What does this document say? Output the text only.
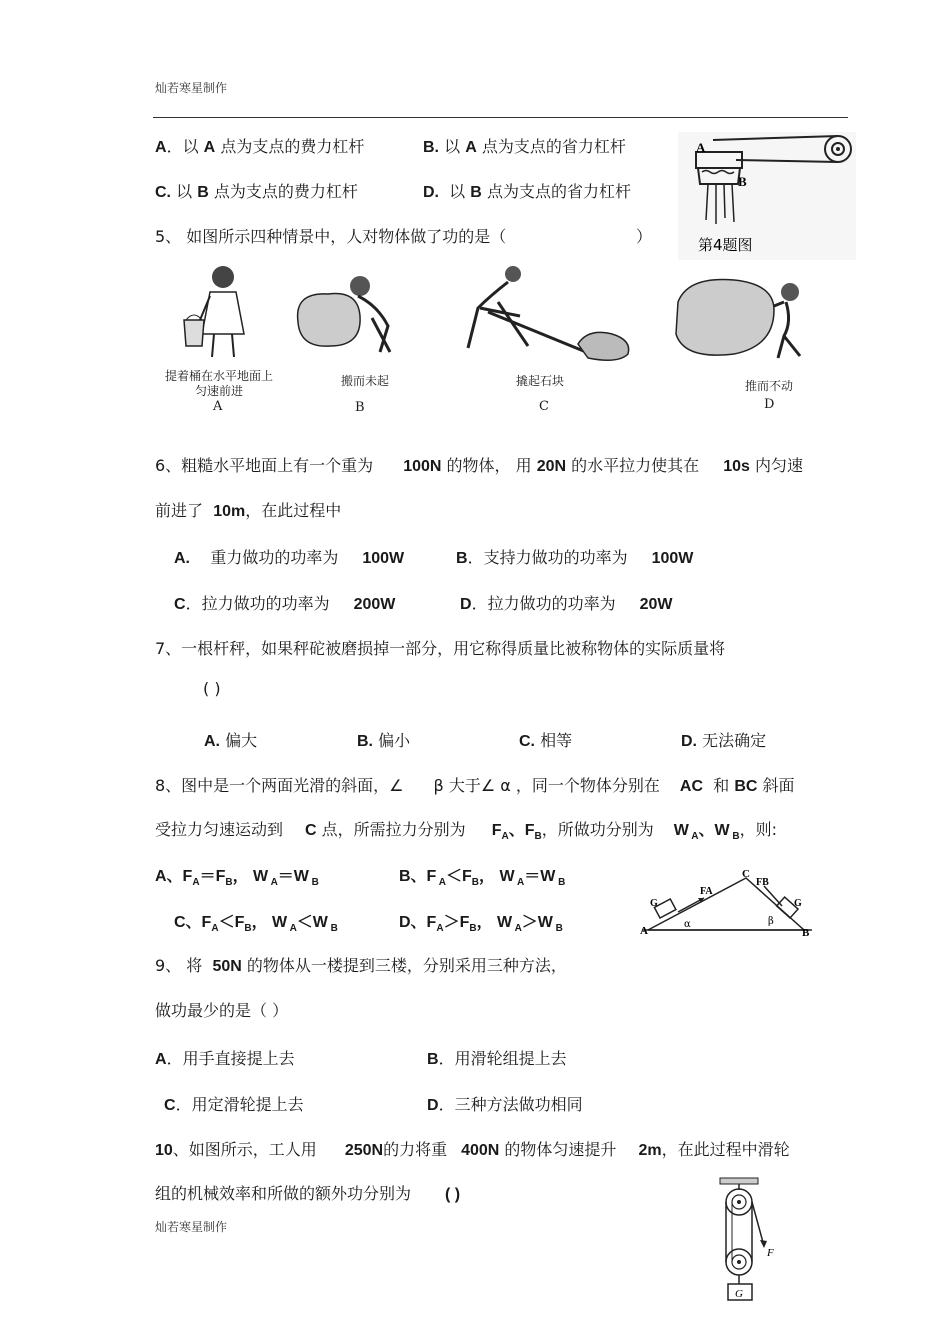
灿若寒星制作
A．以 A 点为支点的费力杠杆	B. 以 A 点为支点的省力杠杆
C. 以 B 点为支点的费力杠杆	D. 以 B 点为支点的省力杠杆
A
B
第4题图
5、 如图所示四种情景中，人对物体做了功的是（	）
提着桶在水平地面上匀速前进
A
搬而未起
B
撬起石块
C
推而不动
D
6、粗糙水平地面上有一个重为 100N 的物体， 用 20N 的水平拉力使其在 10s 内匀速
前进了 10m，在此过程中
A. 重力做功的功率为 100W	B．支持力做功的功率为 100W
C．拉力做功的功率为 200W	D．拉力做功的功率为 20W
7、一根杆秤，如果秤砣被磨损掉一部分，用它称得质量比被称物体的实际质量将
( )
A. 偏大	B. 偏小	C. 相等	D. 无法确定
8、图中是一个两面光滑的斜面，∠ β 大于∠ α ，同一个物体分别在 AC 和 BC 斜面
受拉力匀速运动到 C 点，所需拉力分别为 $F_A$、$F_B$，所做功分别为 W $_A$、W $_B$，则:
A、$F_A=F_B$， W $_A$＝W $_B$	B、F $_A<F_B$， W $_A$＝W $_B$
C、$F_A<F_B$， W $_A$＜W $_B$	D、$F_A>F_B$， W $_A$＞W $_B$
C
FA
FB
G	G
A	B
α	β
9、 将 50N 的物体从一楼提到三楼，分别采用三种方法，
做功最少的是（ ）
A．用手直接提上去	B．用滑轮组提上去
C．用定滑轮提上去	D．三种方法做功相同
10、如图所示，工人用 250N的力将重 400N 的物体匀速提升 2m，在此过程中滑轮
组的机械效率和所做的额外功分别为 ( )
F
G
灿若寒星制作
